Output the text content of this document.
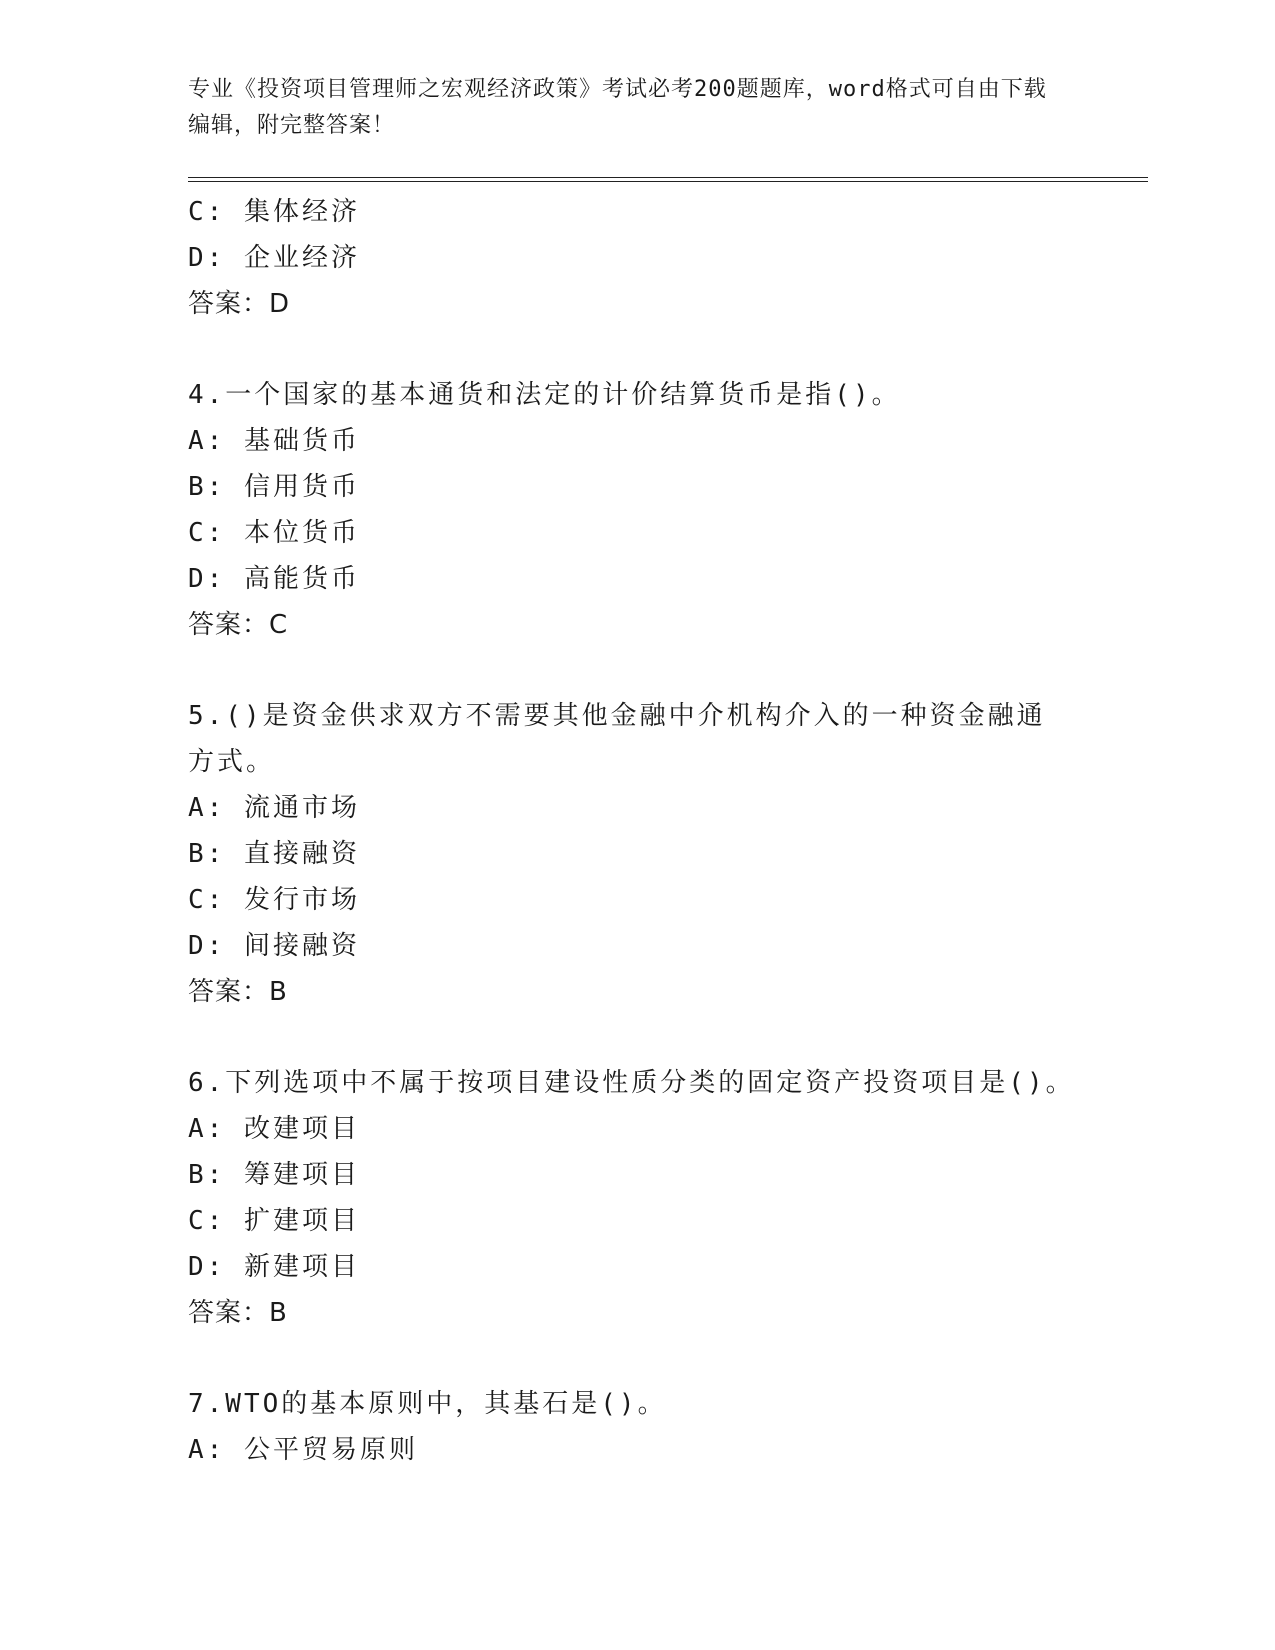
专业《投资项目管理师之宏观经济政策》考试必考200题题库，word格式可自由下载编辑，附完整答案！
C: 集体经济
D: 企业经济
答案：D
4.一个国家的基本通货和法定的计价结算货币是指()。
A: 基础货币
B: 信用货币
C: 本位货币
D: 高能货币
答案：C
5.()是资金供求双方不需要其他金融中介机构介入的一种资金融通方式。
A: 流通市场
B: 直接融资
C: 发行市场
D: 间接融资
答案：B
6.下列选项中不属于按项目建设性质分类的固定资产投资项目是()。
A: 改建项目
B: 筹建项目
C: 扩建项目
D: 新建项目
答案：B
7.WTO的基本原则中，其基石是()。
A: 公平贸易原则
